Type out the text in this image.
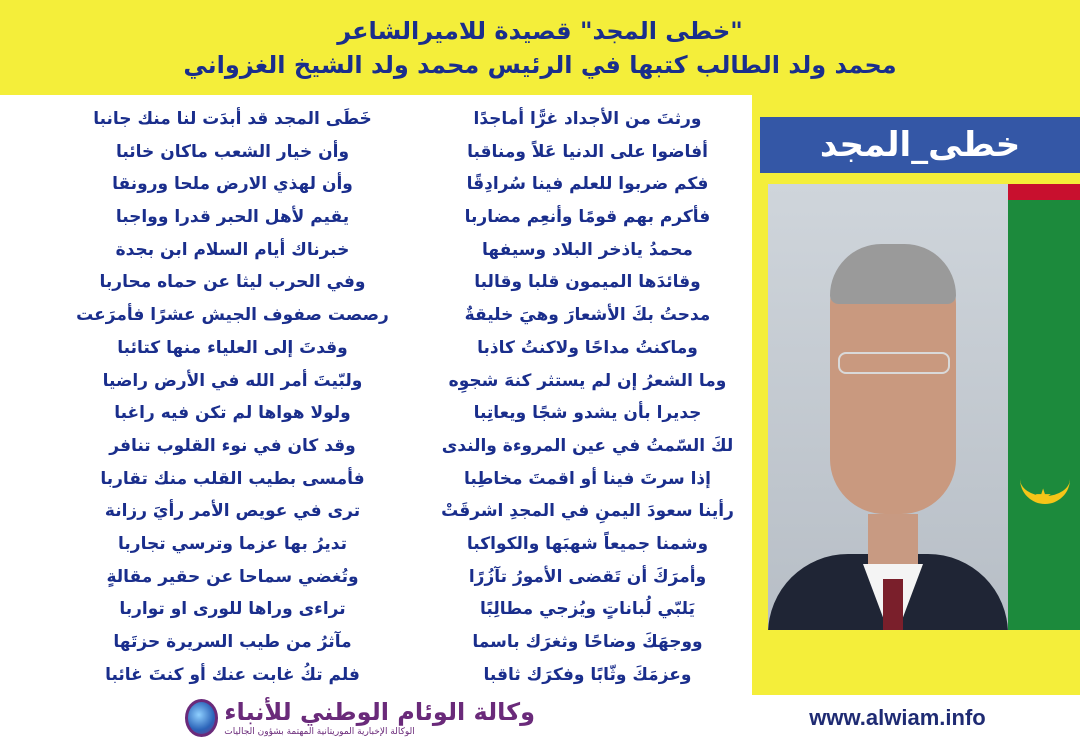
"خطى المجد" قصيدة للاميرالشاعر
محمد ولد الطالب كتبها في الرئيس محمد ولد الشيخ الغزواني
خطى_المجد
★
خَطَى المجد قد أبدَت لنا منك جانبا
وأن خيار الشعب ماكان خائبا
وأن لهذي الارض ملحا ورونقا
يقيم لأهل الحبر قدرا وواجبا
خبرناك أيام السلام ابن بجدة
وفي الحرب ليثا عن حماه محاربا
رصصت صفوف الجيش عشرًا فأمرَعت
وقدتَ إلى العلياء منها كتائبا
ولبّيتَ أمر الله في الأرض راضيا
ولولا هواها لم تكن فيه راغبا
وقد كان في نوء القلوب تنافر
فأمسى بطيب القلب منك تقاربا
ترى في عويص الأمر رأيَ رزانة
تديرُ بها عزما وترسي تجاربا
وتُغضي سماحا عن حقير مقالةٍ
تراءى وراها للورى او تواربا
مآثرُ من طيب السريرة حزتَها
فلم تكُ غابت عنك أو كنتَ غائبا
ورثتَ من الأجداد غرًّا أماجدًا
أفاضوا على الدنيا عَلاً ومناقبا
فكم ضربوا للعلم فينا سُرادِقًا
فأكرم بهم قومًا وأنعِم مضاربا
محمدُ ياذخر البلاد وسيفها
وقائدَها الميمون قلبا وقالبا
مدحتُ بكَ الأشعارَ وهيَ خليقةٌ
وماكنتُ مداحًا ولاكنتُ كاذبا
وما الشعرُ إن لم يستثر كنهَ شجوِه
جديرا بأن يشدو شجًا ويعاتِبا
لكَ السّمتُ في عين المروءة والندى
إذا سرتَ فينا أو اقمتَ مخاطِبا
رأينا سعودَ اليمنِ في المجدِ اشرقَتْ
وشمنا جميعاً شهبَها والكواكبا
وأمرَكَ أن تَقضى الأمورُ تآزُرًا
يَلبّي لُباناتٍ ويُزجي مطالِبًا
ووجهَكَ وضاحًا وثغرَك باسما
وعزمَكَ وثّابًا وفكرَك ثاقبا
وكالة الوئام الوطني للأنباء
الوكالة الإخبارية الموريتانية المهتمة بشؤون الجاليات
www.alwiam.info
